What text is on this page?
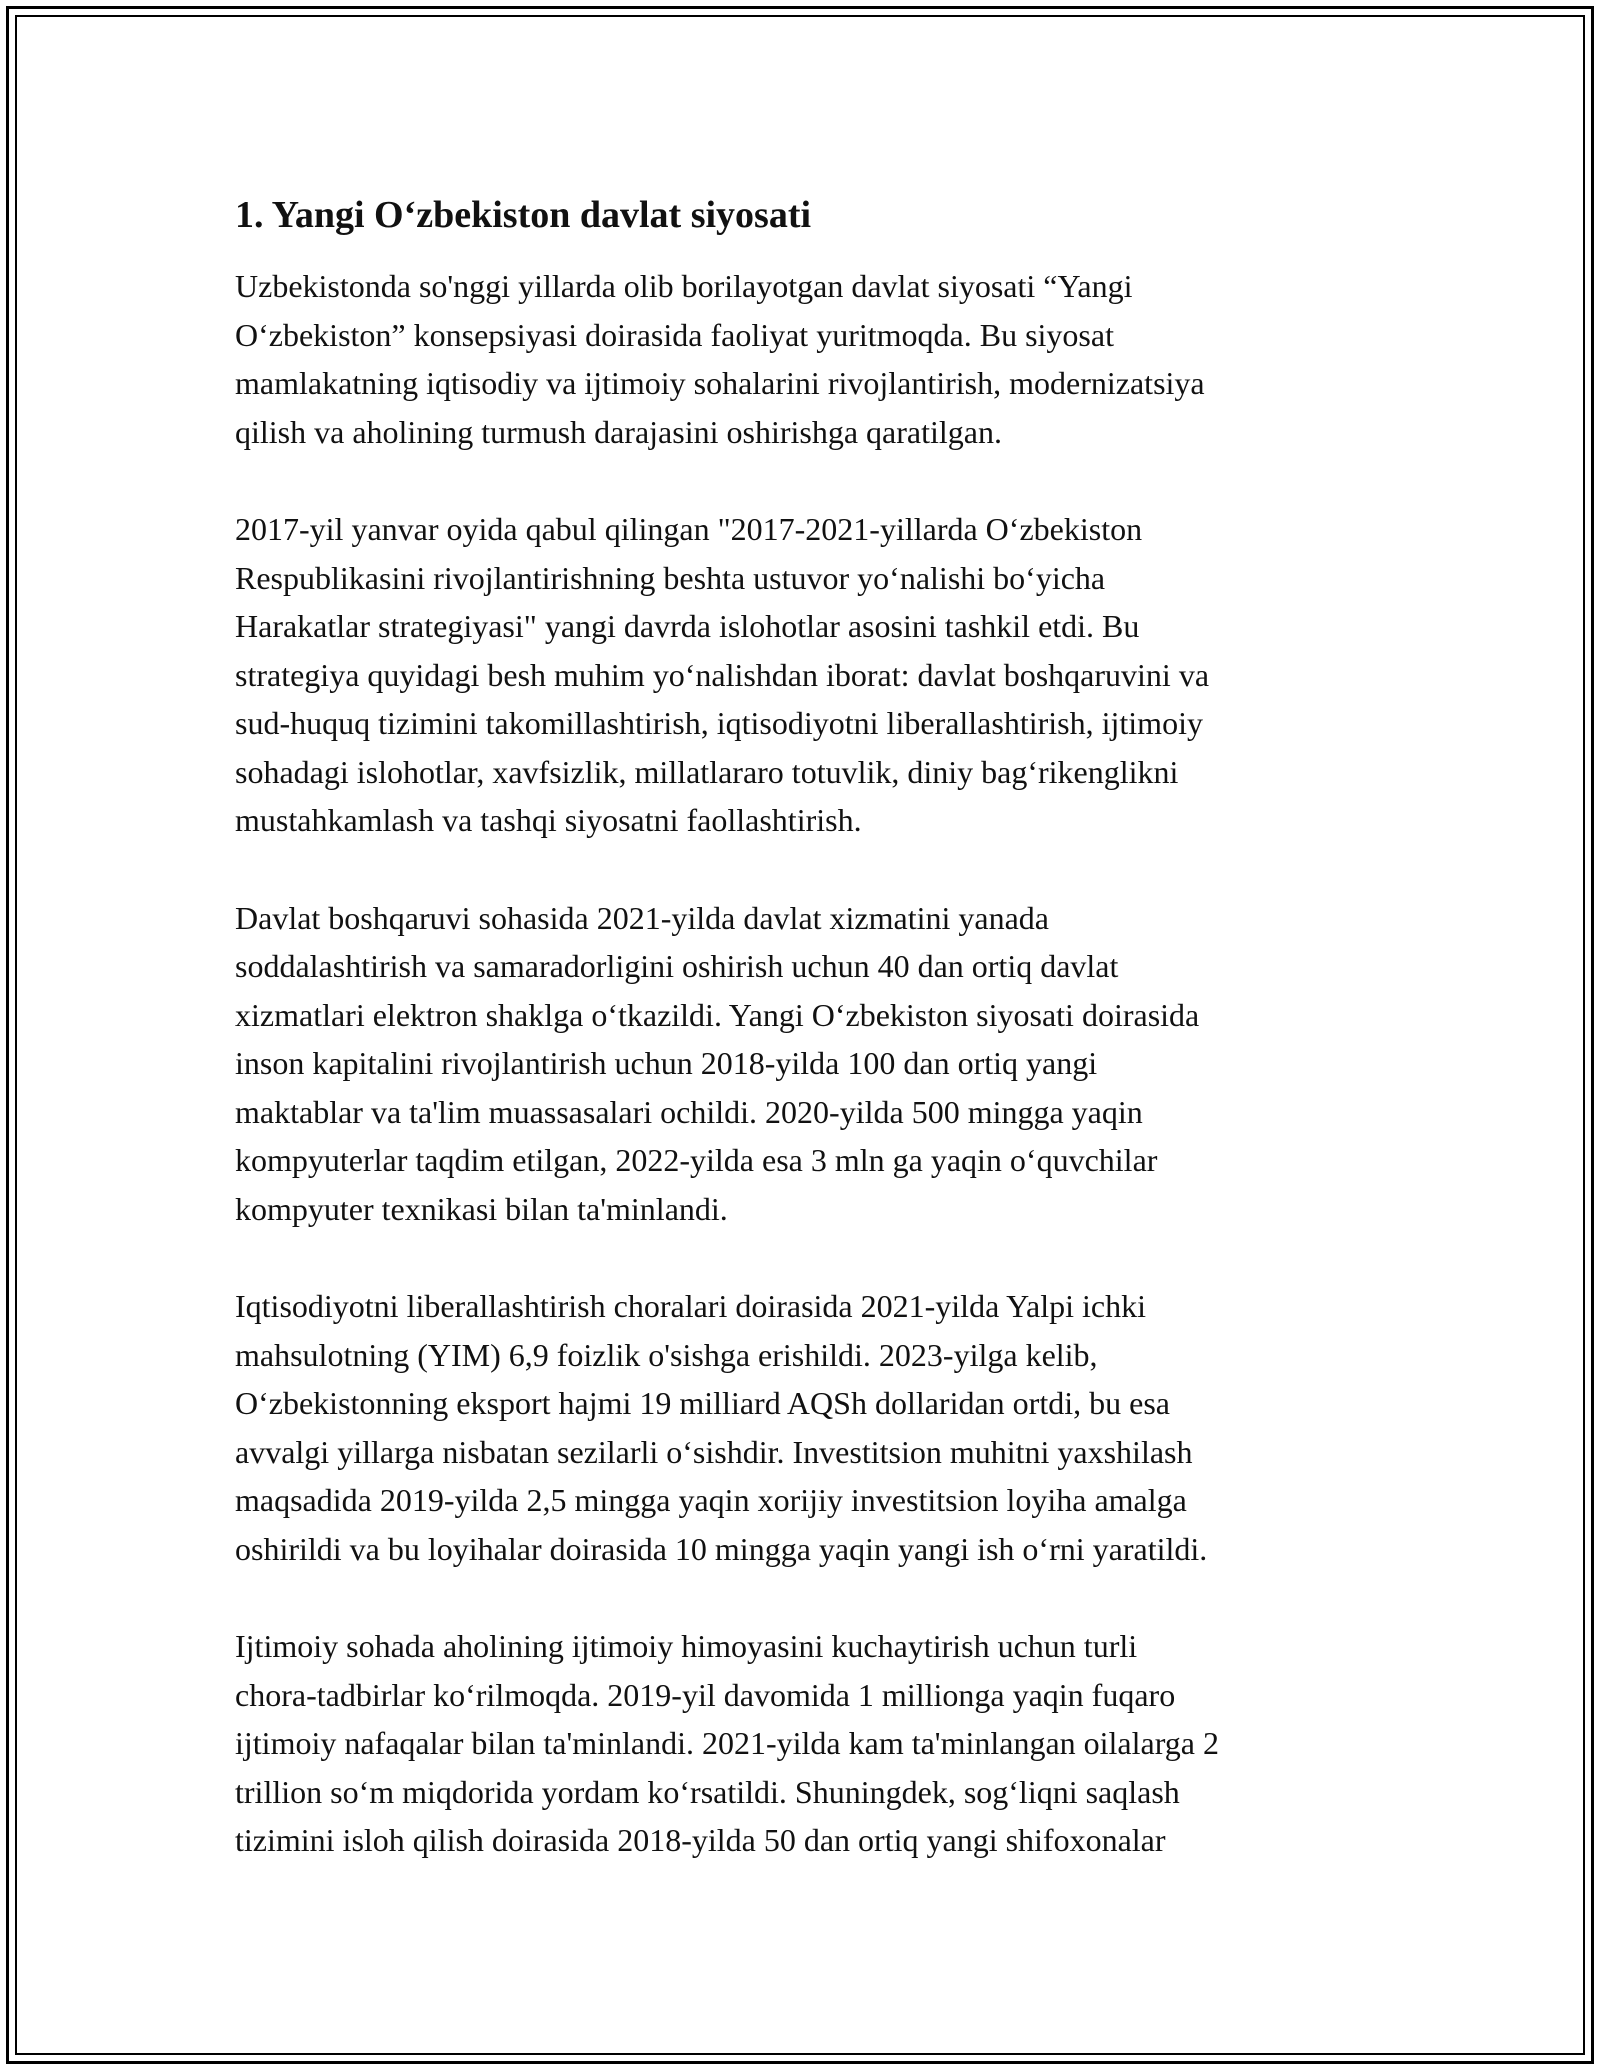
1. Yangi O‘zbekiston davlat siyosati

Uzbekistonda so'nggi yillarda olib borilayotgan davlat siyosati “Yangi
O‘zbekiston” konsepsiyasi doirasida faoliyat yuritmoqda. Bu siyosat
mamlakatning iqtisodiy va ijtimoiy sohalarini rivojlantirish, modernizatsiya
qilish va aholining turmush darajasini oshirishga qaratilgan.

2017-yil yanvar oyida qabul qilingan "2017-2021-yillarda O‘zbekiston
Respublikasini rivojlantirishning beshta ustuvor yo‘nalishi bo‘yicha
Harakatlar strategiyasi" yangi davrda islohotlar asosini tashkil etdi. Bu
strategiya quyidagi besh muhim yo‘nalishdan iborat: davlat boshqaruvini va
sud-huquq tizimini takomillashtirish, iqtisodiyotni liberallashtirish, ijtimoiy
sohadagi islohotlar, xavfsizlik, millatlararo totuvlik, diniy bag‘rikenglikni
mustahkamlash va tashqi siyosatni faollashtirish.

Davlat boshqaruvi sohasida 2021-yilda davlat xizmatini yanada
soddalashtirish va samaradorligini oshirish uchun 40 dan ortiq davlat
xizmatlari elektron shaklga o‘tkazildi. Yangi O‘zbekiston siyosati doirasida
inson kapitalini rivojlantirish uchun 2018-yilda 100 dan ortiq yangi
maktablar va ta'lim muassasalari ochildi. 2020-yilda 500 mingga yaqin
kompyuterlar taqdim etilgan, 2022-yilda esa 3 mln ga yaqin o‘quvchilar
kompyuter texnikasi bilan ta'minlandi.

Iqtisodiyotni liberallashtirish choralari doirasida 2021-yilda Yalpi ichki
mahsulotning (YIM) 6,9 foizlik o'sishga erishildi. 2023-yilga kelib,
O‘zbekistonning eksport hajmi 19 milliard AQSh dollaridan ortdi, bu esa
avvalgi yillarga nisbatan sezilarli o‘sishdir. Investitsion muhitni yaxshilash
maqsadida 2019-yilda 2,5 mingga yaqin xorijiy investitsion loyiha amalga
oshirildi va bu loyihalar doirasida 10 mingga yaqin yangi ish o‘rni yaratildi.

Ijtimoiy sohada aholining ijtimoiy himoyasini kuchaytirish uchun turli
chora-tadbirlar ko‘rilmoqda. 2019-yil davomida 1 millionga yaqin fuqaro
ijtimoiy nafaqalar bilan ta'minlandi. 2021-yilda kam ta'minlangan oilalarga 2
trillion so‘m miqdorida yordam ko‘rsatildi. Shuningdek, sog‘liqni saqlash
tizimini isloh qilish doirasida 2018-yilda 50 dan ortiq yangi shifoxonalar
